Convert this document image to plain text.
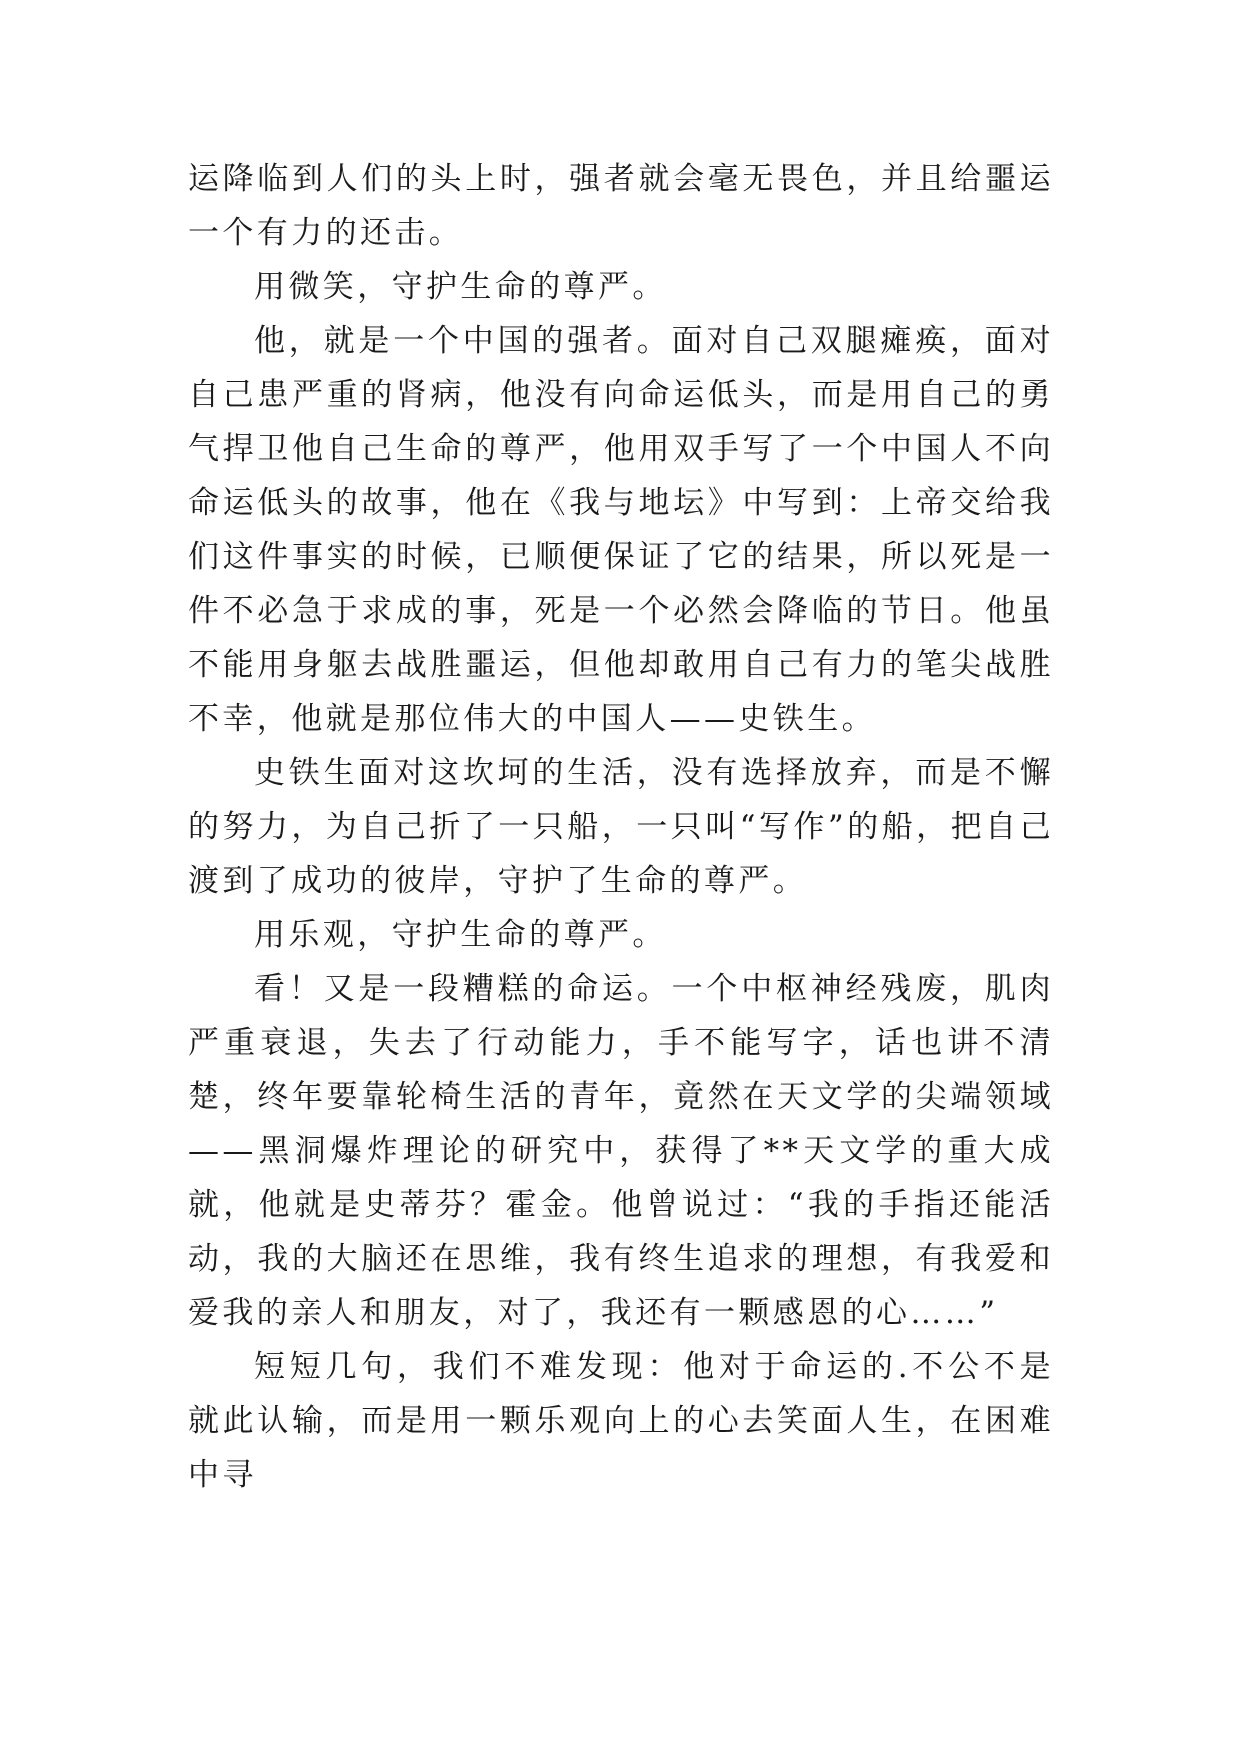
运降临到人们的头上时，强者就会毫无畏色，并且给噩运一个有力的还击。

用微笑，守护生命的尊严。

他，就是一个中国的强者。面对自己双腿瘫痪，面对自己患严重的肾病，他没有向命运低头，而是用自己的勇气捍卫他自己生命的尊严，他用双手写了一个中国人不向命运低头的故事，他在《我与地坛》中写到：上帝交给我们这件事实的时候，已顺便保证了它的结果，所以死是一件不必急于求成的事，死是一个必然会降临的节日。他虽不能用身躯去战胜噩运，但他却敢用自己有力的笔尖战胜不幸，他就是那位伟大的中国人——史铁生。

史铁生面对这坎坷的生活，没有选择放弃，而是不懈的努力，为自己折了一只船，一只叫“写作”的船，把自己渡到了成功的彼岸，守护了生命的尊严。

用乐观，守护生命的尊严。

看！又是一段糟糕的命运。一个中枢神经残废，肌肉严重衰退，失去了行动能力，手不能写字，话也讲不清楚，终年要靠轮椅生活的青年，竟然在天文学的尖端领域——黑洞爆炸理论的研究中，获得了**天文学的重大成就，他就是史蒂芬？霍金。他曾说过：“我的手指还能活动，我的大脑还在思维，我有终生追求的理想，有我爱和爱我的亲人和朋友，对了，我还有一颗感恩的心……”

短短几句，我们不难发现：他对于命运的.不公不是就此认输，而是用一颗乐观向上的心去笑面人生，在困难中寻
